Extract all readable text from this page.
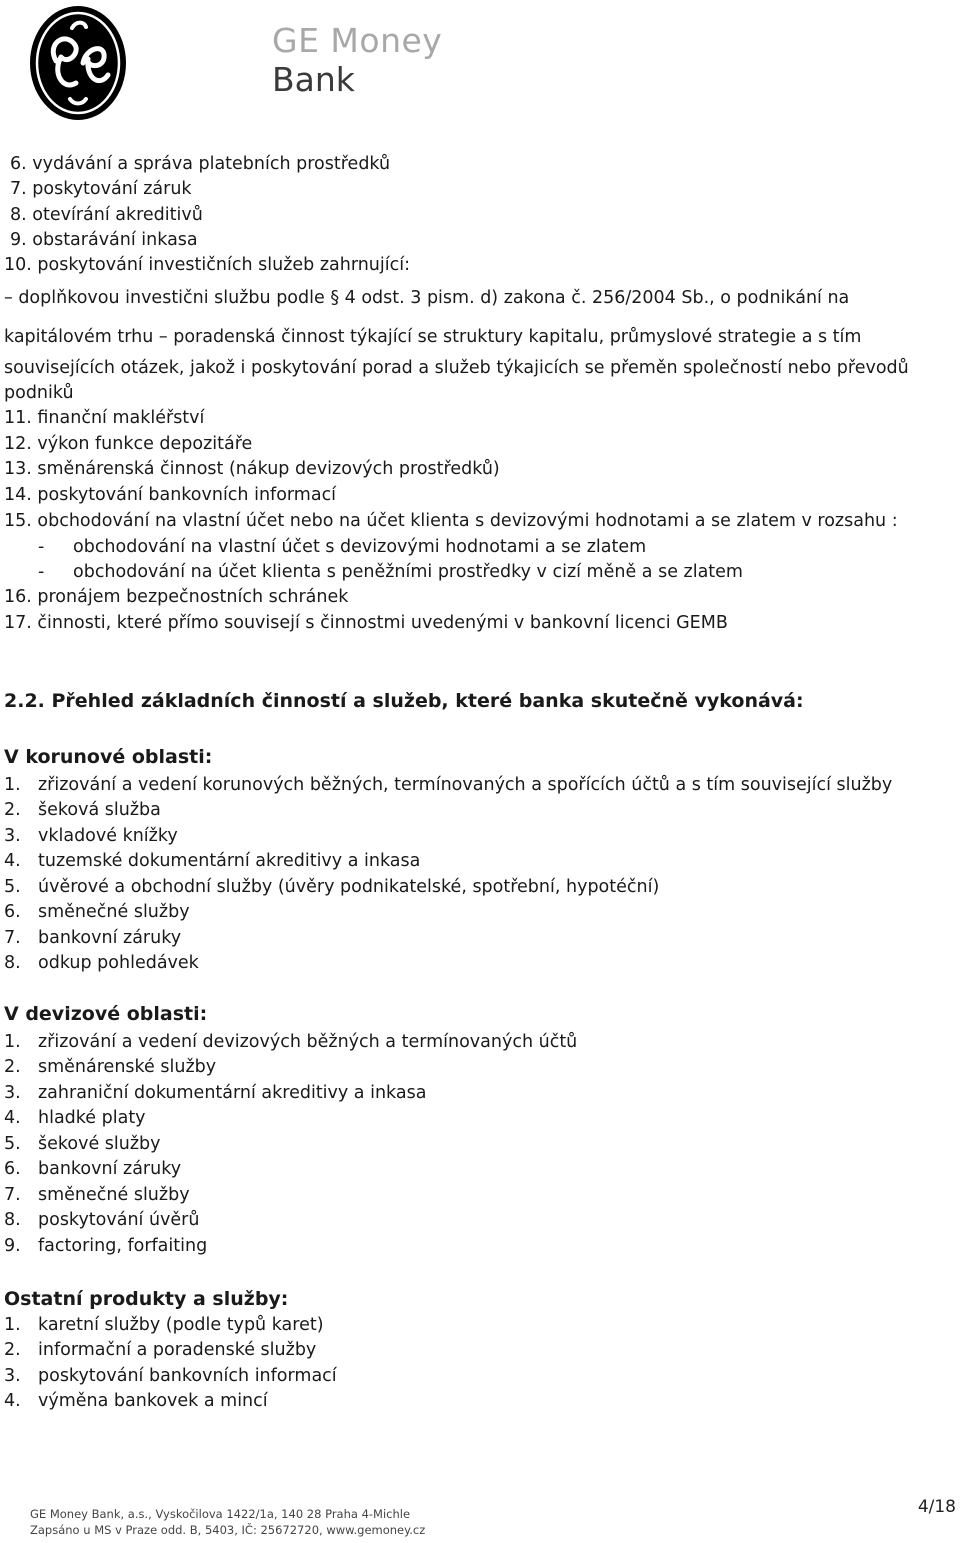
GE Money
Bank
6. vydávání a správa platebních prostředků
7. poskytování záruk
8. otevírání akreditivů
9. obstarávání inkasa
10. poskytování investičních služeb zahrnující:
– doplňkovou investični službu podle § 4 odst. 3 pism. d) zakona č. 256/2004 Sb., o podnikání na
kapitálovém trhu – poradenská činnost týkající se struktury kapitalu, průmyslové strategie a s tím
souvisejících otázek, jakož i poskytování porad a služeb týkajicích se přeměn společností nebo převodů
podniků
11. finanční makléřství
12. výkon funkce depozitáře
13. směnárenská činnost (nákup devizových prostředků)
14. poskytování bankovních informací
15. obchodování na vlastní účet nebo na účet klienta s devizovými hodnotami a se zlatem v rozsahu :
- obchodování na vlastní účet s devizovými hodnotami a se zlatem
- obchodování na účet klienta s peněžními prostředky v cizí měně a se zlatem
16. pronájem bezpečnostních schránek
17. činnosti, které přímo souvisejí s činnostmi uvedenými v bankovní licenci GEMB
2.2. Přehled základních činností a služeb, které banka skutečně vykonává:
V korunové oblasti:
1. zřizování a vedení korunových běžných, termínovaných a spořících účtů a s tím související služby
2. šeková služba
3. vkladové knížky
4. tuzemské dokumentární akreditivy a inkasa
5. úvěrové a obchodní služby (úvěry podnikatelské, spotřební, hypotéční)
6. směnečné služby
7. bankovní záruky
8. odkup pohledávek
V devizové oblasti:
1. zřizování a vedení devizových běžných a termínovaných účtů
2. směnárenské služby
3. zahraniční dokumentární akreditivy a inkasa
4. hladké platy
5. šekové služby
6. bankovní záruky
7. směnečné služby
8. poskytování úvěrů
9. factoring, forfaiting
Ostatní produkty a služby:
1. karetní služby (podle typů karet)
2. informační a poradenské služby
3. poskytování bankovních informací
4. výměna bankovek a mincí
GE Money Bank, a.s., Vyskočilova 1422/1a, 140 28 Praha 4-Michle
Zapsáno u MS v Praze odd. B, 5403, IČ: 25672720, www.gemoney.cz
4/18
